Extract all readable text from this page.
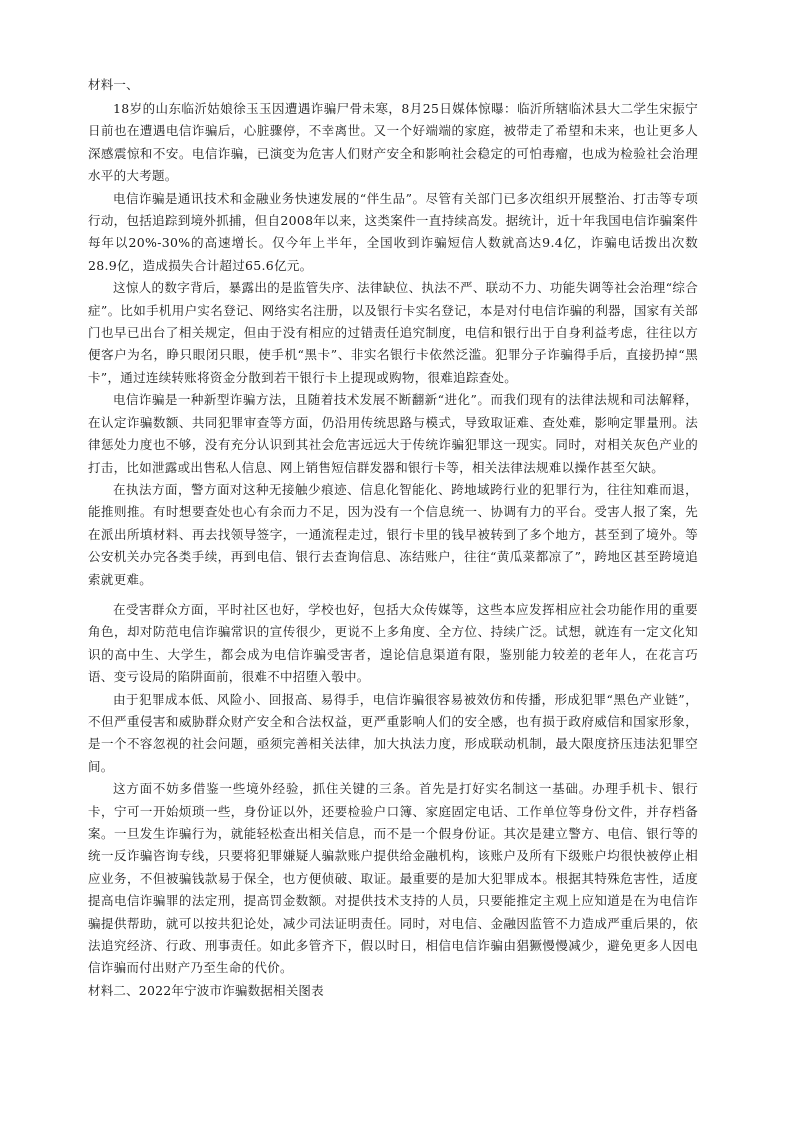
材料一、

18岁的山东临沂姑娘徐玉玉因遭遇诈骗尸骨未寒，8月25日媒体惊曝：临沂所辖临沭县大二学生宋振宁日前也在遭遇电信诈骗后，心脏骤停，不幸离世。又一个好端端的家庭，被带走了希望和未来，也让更多人深感震惊和不安。电信诈骗，已演变为危害人们财产安全和影响社会稳定的可怕毒瘤，也成为检验社会治理水平的大考题。

电信诈骗是通讯技术和金融业务快速发展的“伴生品”。尽管有关部门已多次组织开展整治、打击等专项行动，包括追踪到境外抓捕，但自2008年以来，这类案件一直持续高发。据统计，近十年我国电信诈骗案件每年以20%-30%的高速增长。仅今年上半年，全国收到诈骗短信人数就高达9.4亿，诈骗电话拨出次数28.9亿，造成损失合计超过65.6亿元。

这惊人的数字背后，暴露出的是监管失序、法律缺位、执法不严、联动不力、功能失调等社会治理“综合症”。比如手机用户实名登记、网络实名注册，以及银行卡实名登记，本是对付电信诈骗的利器，国家有关部门也早已出台了相关规定，但由于没有相应的过错责任追究制度，电信和银行出于自身利益考虑，往往以方便客户为名，睁只眼闭只眼，使手机“黑卡”、非实名银行卡依然泛滥。犯罪分子诈骗得手后，直接扔掉“黑卡”，通过连续转账将资金分散到若干银行卡上提现或购物，很难追踪查处。

电信诈骗是一种新型诈骗方法，且随着技术发展不断翻新“进化”。而我们现有的法律法规和司法解释，在认定诈骗数额、共同犯罪审查等方面，仍沿用传统思路与模式，导致取证难、查处难，影响定罪量刑。法律惩处力度也不够，没有充分认识到其社会危害远远大于传统诈骗犯罪这一现实。同时，对相关灰色产业的打击，比如泄露或出售私人信息、网上销售短信群发器和银行卡等，相关法律法规难以操作甚至欠缺。

在执法方面，警方面对这种无接触少痕迹、信息化智能化、跨地域跨行业的犯罪行为，往往知难而退，能推则推。有时想要查处也心有余而力不足，因为没有一个信息统一、协调有力的平台。受害人报了案，先在派出所填材料、再去找领导签字，一通流程走过，银行卡里的钱早被转到了多个地方，甚至到了境外。等公安机关办完各类手续，再到电信、银行去查询信息、冻结账户，往往“黄瓜菜都凉了”，跨地区甚至跨境追索就更难。

在受害群众方面，平时社区也好，学校也好，包括大众传媒等，这些本应发挥相应社会功能作用的重要角色，却对防范电信诈骗常识的宣传很少，更说不上多角度、全方位、持续广泛。试想，就连有一定文化知识的高中生、大学生，都会成为电信诈骗受害者，遑论信息渠道有限，鉴别能力较差的老年人，在花言巧语、变亏设局的陷阱面前，很难不中招堕入彀中。

由于犯罪成本低、风险小、回报高、易得手，电信诈骗很容易被效仿和传播，形成犯罪“黑色产业链”，不但严重侵害和威胁群众财产安全和合法权益，更严重影响人们的安全感，也有损于政府威信和国家形象，是一个不容忽视的社会问题，亟须完善相关法律，加大执法力度，形成联动机制，最大限度挤压违法犯罪空间。

这方面不妨多借鉴一些境外经验，抓住关键的三条。首先是打好实名制这一基础。办理手机卡、银行卡，宁可一开始烦琐一些，身份证以外，还要检验户口簿、家庭固定电话、工作单位等身份文件，并存档备案。一旦发生诈骗行为，就能轻松查出相关信息，而不是一个假身份证。其次是建立警方、电信、银行等的统一反诈骗咨询专线，只要将犯罪嫌疑人骗款账户提供给金融机构，该账户及所有下级账户均很快被停止相应业务，不但被骗钱款易于保全，也方便侦破、取证。最重要的是加大犯罪成本。根据其特殊危害性，适度提高电信诈骗罪的法定刑，提高罚金数额。对提供技术支持的人员，只要能推定主观上应知道是在为电信诈骗提供帮助，就可以按共犯论处，减少司法证明责任。同时，对电信、金融因监管不力造成严重后果的，依法追究经济、行政、刑事责任。如此多管齐下，假以时日，相信电信诈骗由猖獗慢慢减少，避免更多人因电信诈骗而付出财产乃至生命的代价。

材料二、2022年宁波市诈骗数据相关图表
